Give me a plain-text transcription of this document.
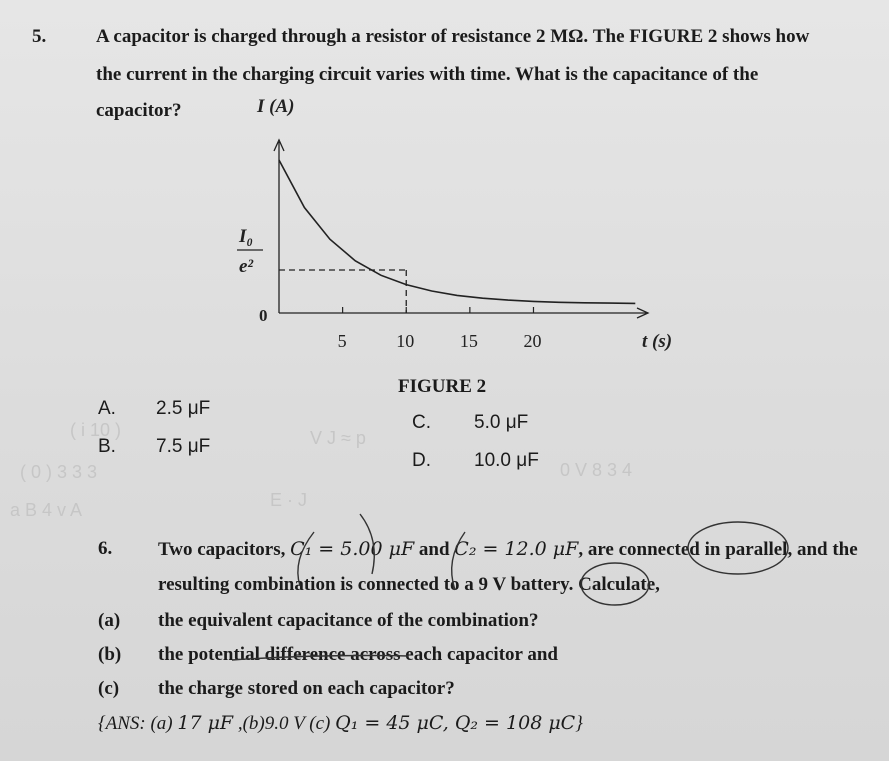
( i 10 )
( 0 ) 3 3 3
V J ≈ p
0 V 8 3 4
a B 4 v A	E · J
5.	A capacitor is charged through a resistor of resistance 2 MΩ. The FIGURE 2 shows how
the current in the charging circuit varies with time. What is the capacitance of the
capacitor?	I (A)
t (s)
0
5	10	15	20
I₀
e²
FIGURE 2
A. 2.5 μF
B. 7.5 μF
C. 5.0 μF
D. 10.0 μF
6. Two capacitors, C₁ = 5.00 μF and C₂ = 12.0 μF, are connected in parallel, and the
resulting combination is connected to a 9 V battery. Calculate,
(a) the equivalent capacitance of the combination?
(b) the potential difference across each capacitor and
(c) the charge stored on each capacitor?
{ANS: (a) 17 μF ,(b)9.0 V (c) Q₁ = 45 μC, Q₂ = 108 μC}
